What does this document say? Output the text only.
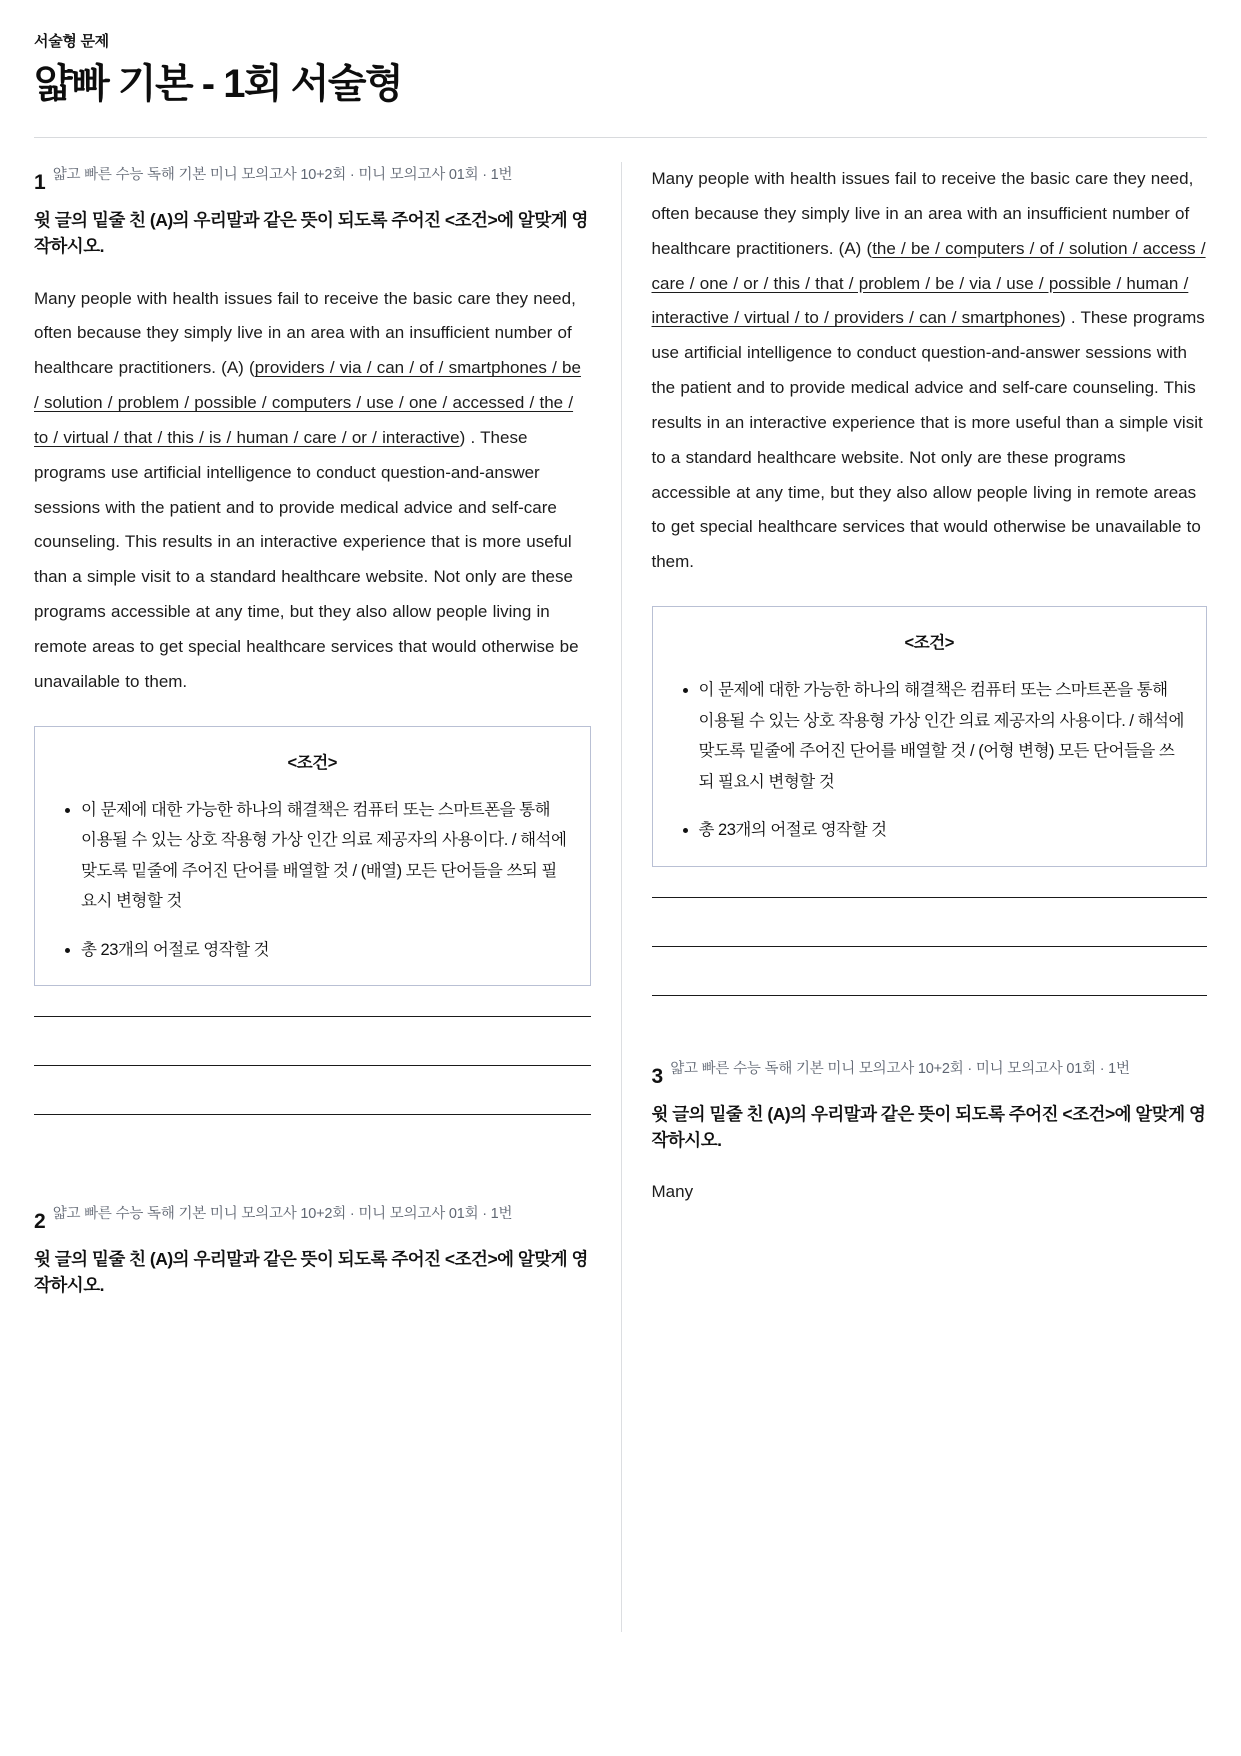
서술형 문제
얇빠 기본 - 1회 서술형
1 얇고 빠른 수능 독해 기본 미니 모의고사 10+2회 · 미니 모의고사 01회 · 1번
윗 글의 밑줄 친 (A)의 우리말과 같은 뜻이 되도록 주어진 <조건>에 알맞게 영작하시오.

Many people with health issues fail to receive the basic care they need, often because they simply live in an area with an insufficient number of healthcare practitioners. (A) (providers / via / can / of / smartphones / be / solution / problem / possible / computers / use / one / accessed / the / to / virtual / that / this / is / human / care / or / interactive) . These programs use artificial intelligence to conduct question-and-answer sessions with the patient and to provide medical advice and self-care counseling. This results in an interactive experience that is more useful than a simple visit to a standard healthcare website. Not only are these programs accessible at any time, but they also allow people living in remote areas to get special healthcare services that would otherwise be unavailable to them.

<조건>
• 이 문제에 대한 가능한 하나의 해결책은 컴퓨터 또는 스마트폰을 통해 이용될 수 있는 상호 작용형 가상 인간 의료 제공자의 사용이다. / 해석에 맞도록 밑줄에 주어진 단어를 배열할 것 / (배열) 모든 단어들을 쓰되 필요시 변형할 것
• 총 23개의 어절로 영작할 것
2 얇고 빠른 수능 독해 기본 미니 모의고사 10+2회 · 미니 모의고사 01회 · 1번
윗 글의 밑줄 친 (A)의 우리말과 같은 뜻이 되도록 주어진 <조건>에 알맞게 영작하시오.

Many people with health issues fail to receive the basic care they need, often because they simply live in an area with an insufficient number of healthcare practitioners. (A) (the / be / computers / of / solution / access / care / one / or / this / that / problem / be / via / use / possible / human / interactive / virtual / to / providers / can / smartphones) . These programs use artificial intelligence to conduct question-and-answer sessions with the patient and to provide medical advice and self-care counseling. This results in an interactive experience that is more useful than a simple visit to a standard healthcare website. Not only are these programs accessible at any time, but they also allow people living in remote areas to get special healthcare services that would otherwise be unavailable to them.

<조건>
• 이 문제에 대한 가능한 하나의 해결책은 컴퓨터 또는 스마트폰을 통해 이용될 수 있는 상호 작용형 가상 인간 의료 제공자의 사용이다. / 해석에 맞도록 밑줄에 주어진 단어를 배열할 것 / (어형 변형) 모든 단어들을 쓰되 필요시 변형할 것
• 총 23개의 어절로 영작할 것
3 얇고 빠른 수능 독해 기본 미니 모의고사 10+2회 · 미니 모의고사 01회 · 1번
윗 글의 밑줄 친 (A)의 우리말과 같은 뜻이 되도록 주어진 <조건>에 알맞게 영작하시오.

Many
